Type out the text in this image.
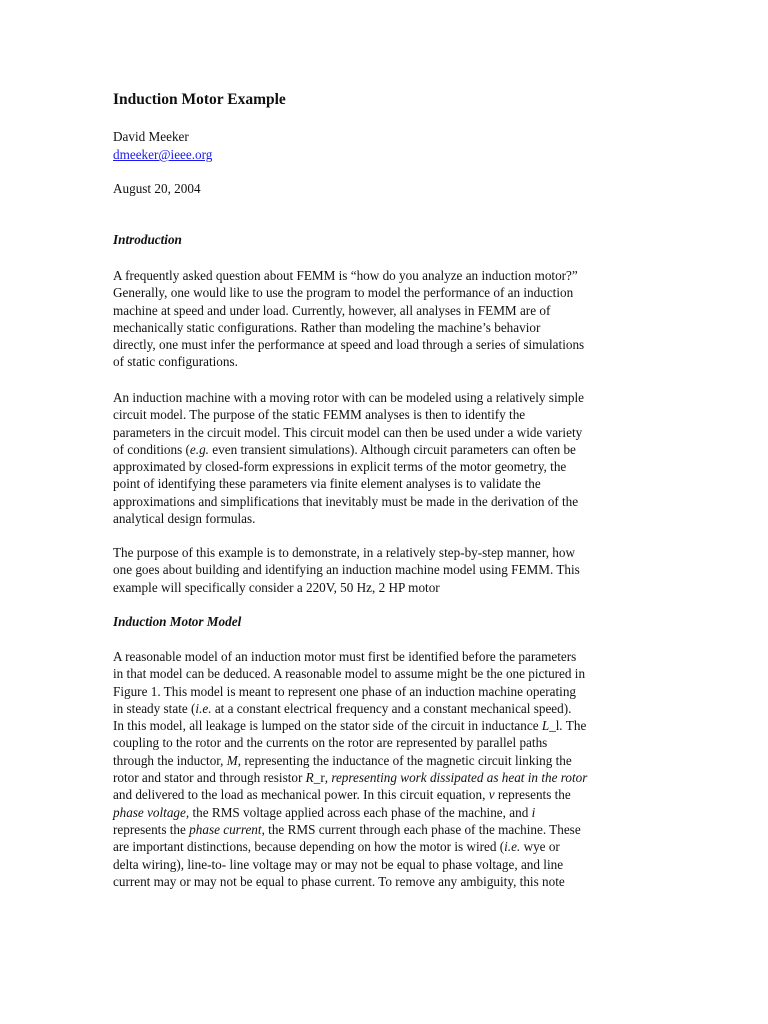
Induction Motor Example
David Meeker
dmeeker@ieee.org
August 20, 2004
Introduction
A frequently asked question about FEMM is “how do you analyze an induction motor?”
Generally, one would like to use the program to model the performance of an induction
machine at speed and under load. Currently, however, all analyses in FEMM are of
mechanically static configurations. Rather than modeling the machine’s behavior
directly, one must infer the performance at speed and load through a series of simulations
of static configurations.
An induction machine with a moving rotor with can be modeled using a relatively simple
circuit model. The purpose of the static FEMM analyses is then to identify the
parameters in the circuit model. This circuit model can then be used under a wide variety
of conditions (e.g. even transient simulations). Although circuit parameters can often be
approximated by closed-form expressions in explicit terms of the motor geometry, the
point of identifying these parameters via finite element analyses is to validate the
approximations and simplifications that inevitably must be made in the derivation of the
analytical design formulas.
The purpose of this example is to demonstrate, in a relatively step-by-step manner, how
one goes about building and identifying an induction machine model using FEMM. This
example will specifically consider a 220V, 50 Hz, 2 HP motor
Induction Motor Model
A reasonable model of an induction motor must first be identified before the parameters
in that model can be deduced. A reasonable model to assume might be the one pictured in
Figure 1. This model is meant to represent one phase of an induction machine operating
in steady state (i.e. at a constant electrical frequency and a constant mechanical speed).
In this model, all leakage is lumped on the stator side of the circuit in inductance L_l. The
coupling to the rotor and the currents on the rotor are represented by parallel paths
through the inductor, M, representing the inductance of the magnetic circuit linking the
rotor and stator and through resistor R_r, representing work dissipated as heat in the rotor
and delivered to the load as mechanical power. In this circuit equation, v represents the
phase voltage, the RMS voltage applied across each phase of the machine, and i
represents the phase current, the RMS current through each phase of the machine. These
are important distinctions, because depending on how the motor is wired (i.e. wye or
delta wiring), line-to- line voltage may or may not be equal to phase voltage, and line
current may or may not be equal to phase current. To remove any ambiguity, this note
